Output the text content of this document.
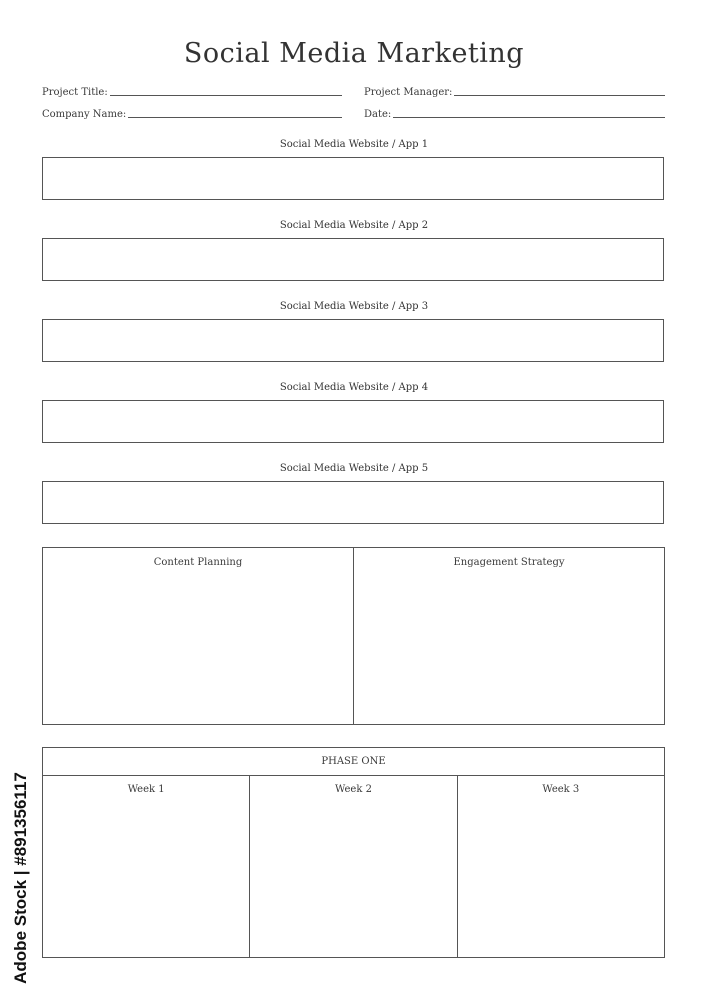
Social Media Marketing
Project Title:	Project Manager:
Company Name:	Date:
Social Media Website / App 1
Social Media Website / App 2
Social Media Website / App 3
Social Media Website / App 4
Social Media Website / App 5
Content Planning	Engagement Strategy
PHASE ONE
Week 1	Week 2	Week 3
Adobe Stock | #891356117
